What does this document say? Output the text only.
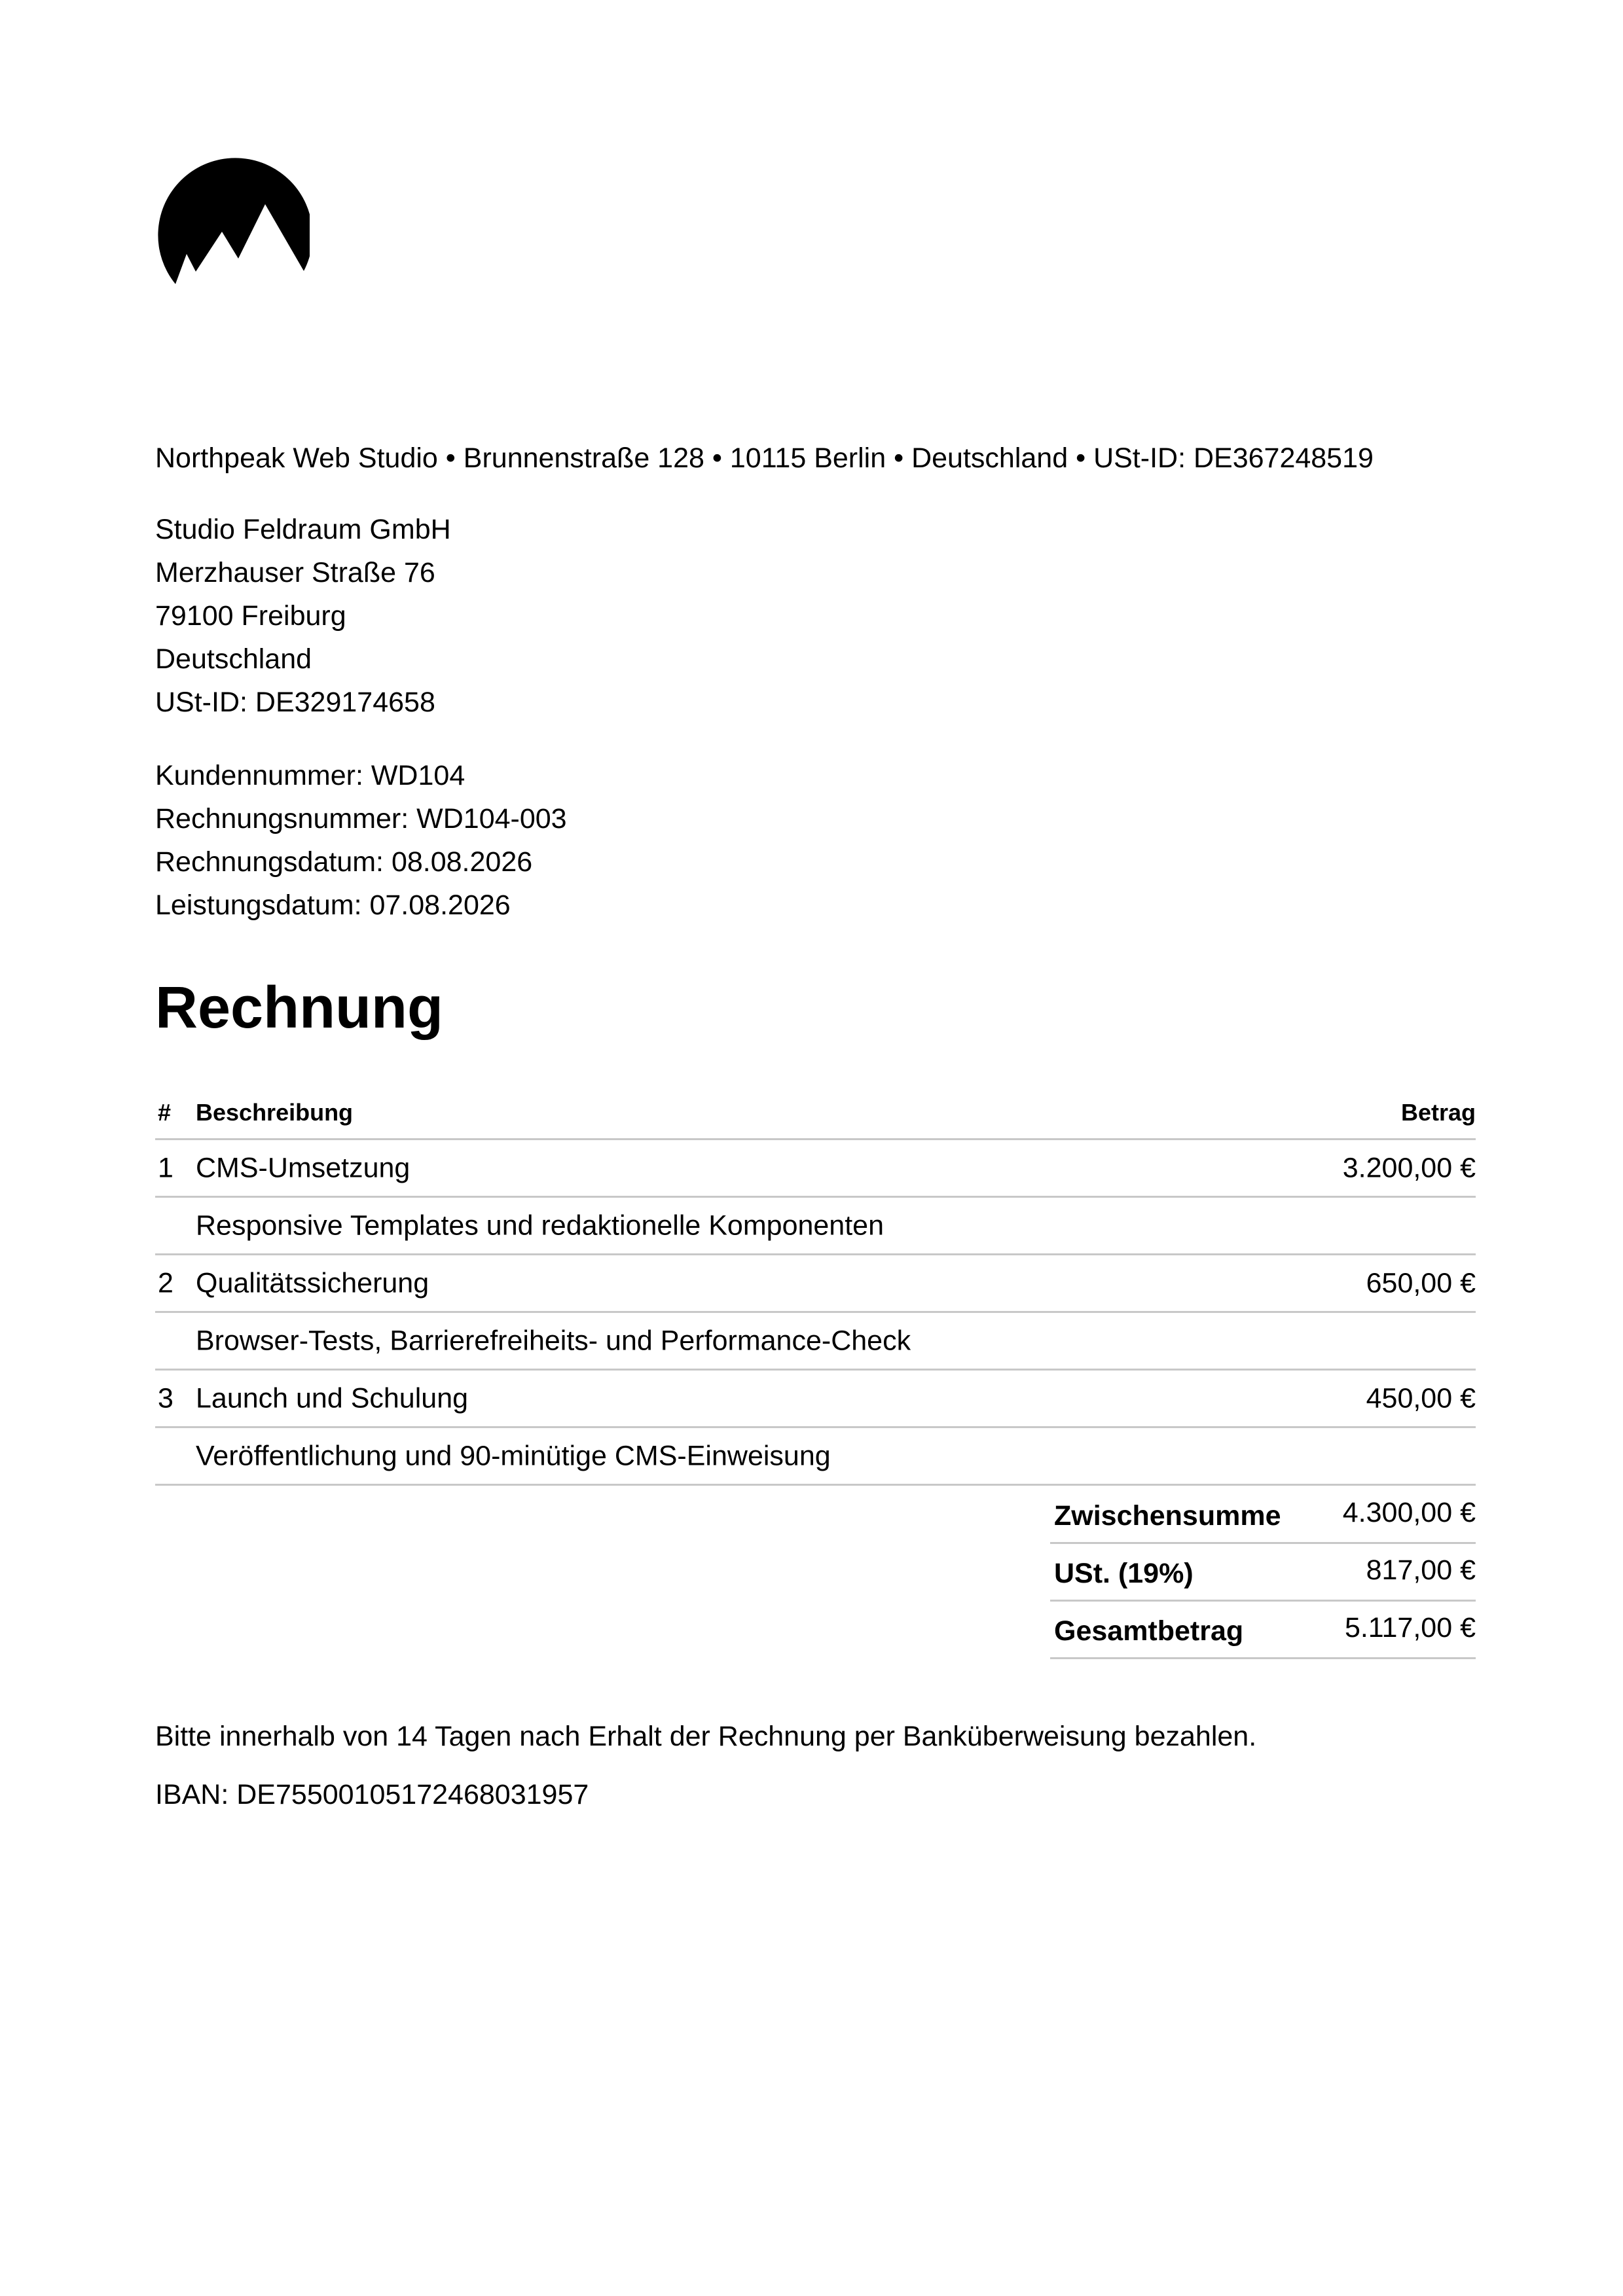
Northpeak Web Studio • Brunnenstraße 128 • 10115 Berlin • Deutschland • USt-ID: DE367248519
Studio Feldraum GmbH
Merzhauser Straße 76
79100 Freiburg
Deutschland
USt-ID: DE329174658
Kundennummer: WD104
Rechnungsnummer: WD104-003
Rechnungsdatum: 08.08.2026
Leistungsdatum: 07.08.2026
Rechnung
# Beschreibung	Betrag
1 CMS-Umsetzung	3.200,00 €
Responsive Templates und redaktionelle Komponenten
2 Qualitätssicherung	650,00 €
Browser-Tests, Barrierefreiheits- und Performance-Check
3 Launch und Schulung	450,00 €
Veröffentlichung und 90-minütige CMS-Einweisung
Zwischensumme 4.300,00 €
USt. (19%)	817,00 €
Gesamtbetrag	5.117,00 €
Bitte innerhalb von 14 Tagen nach Erhalt der Rechnung per Banküberweisung bezahlen.
IBAN: DE75500105172468031957
